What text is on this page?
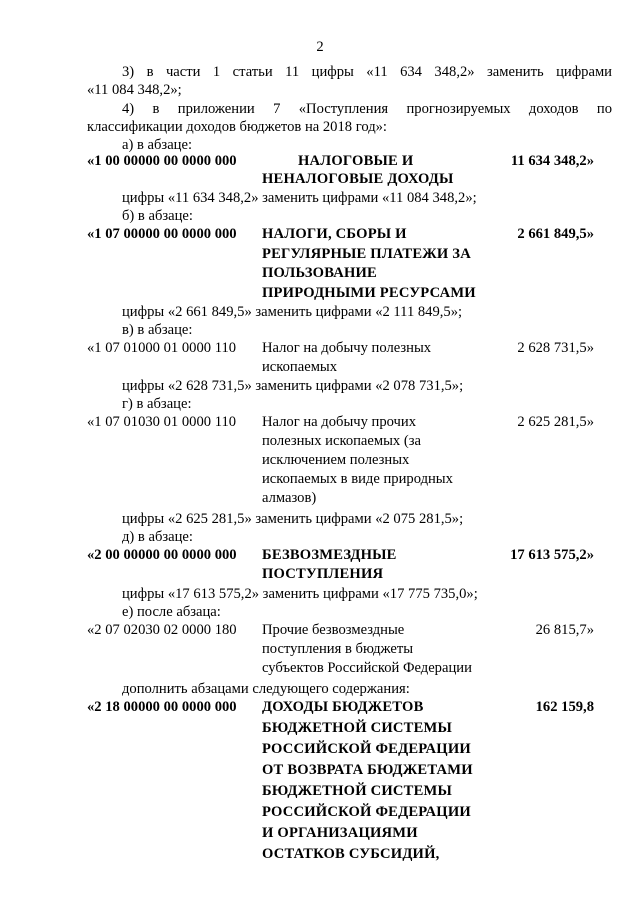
2
3) в части 1 статьи 11 цифры «11 634 348,2» заменить цифрами
«11 084 348,2»;
4) в приложении 7 «Поступления прогнозируемых доходов по
классификации доходов бюджетов на 2018 год»:
а) в абзаце:
«1 00 00000 00 0000 000	НАЛОГОВЫЕ И
НЕНАЛОГОВЫЕ ДОХОДЫ
11 634 348,2»
цифры «11 634 348,2» заменить цифрами «11 084 348,2»;
б) в абзаце:
«1 07 00000 00 0000 000 НАЛОГИ, СБОРЫ И
РЕГУЛЯРНЫЕ ПЛАТЕЖИ ЗА
ПОЛЬЗОВАНИЕ
ПРИРОДНЫМИ РЕСУРСАМИ
2 661 849,5»
цифры «2 661 849,5» заменить цифрами «2 111 849,5»;
в) в абзаце:
«1 07 01000 01 0000 110 Налог на добычу полезных
ископаемых
2 628 731,5»
цифры «2 628 731,5» заменить цифрами «2 078 731,5»;
г) в абзаце:
«1 07 01030 01 0000 110 Налог на добычу прочих
полезных ископаемых (за
исключением полезных
ископаемых в виде природных
алмазов)
2 625 281,5»
цифры «2 625 281,5» заменить цифрами «2 075 281,5»;
д) в абзаце:
«2 00 00000 00 0000 000 БЕЗВОЗМЕЗДНЫЕ
ПОСТУПЛЕНИЯ
17 613 575,2»
цифры «17 613 575,2» заменить цифрами «17 775 735,0»;
е) после абзаца:
«2 07 02030 02 0000 180 Прочие безвозмездные
поступления в бюджеты
субъектов Российской Федерации
26 815,7»
дополнить абзацами следующего содержания:
«2 18 00000 00 0000 000 ДОХОДЫ БЮДЖЕТОВ
БЮДЖЕТНОЙ СИСТЕМЫ
РОССИЙСКОЙ ФЕДЕРАЦИИ
ОТ ВОЗВРАТА БЮДЖЕТАМИ
БЮДЖЕТНОЙ СИСТЕМЫ
РОССИЙСКОЙ ФЕДЕРАЦИИ
И ОРГАНИЗАЦИЯМИ
ОСТАТКОВ СУБСИДИЙ,
162 159,8
